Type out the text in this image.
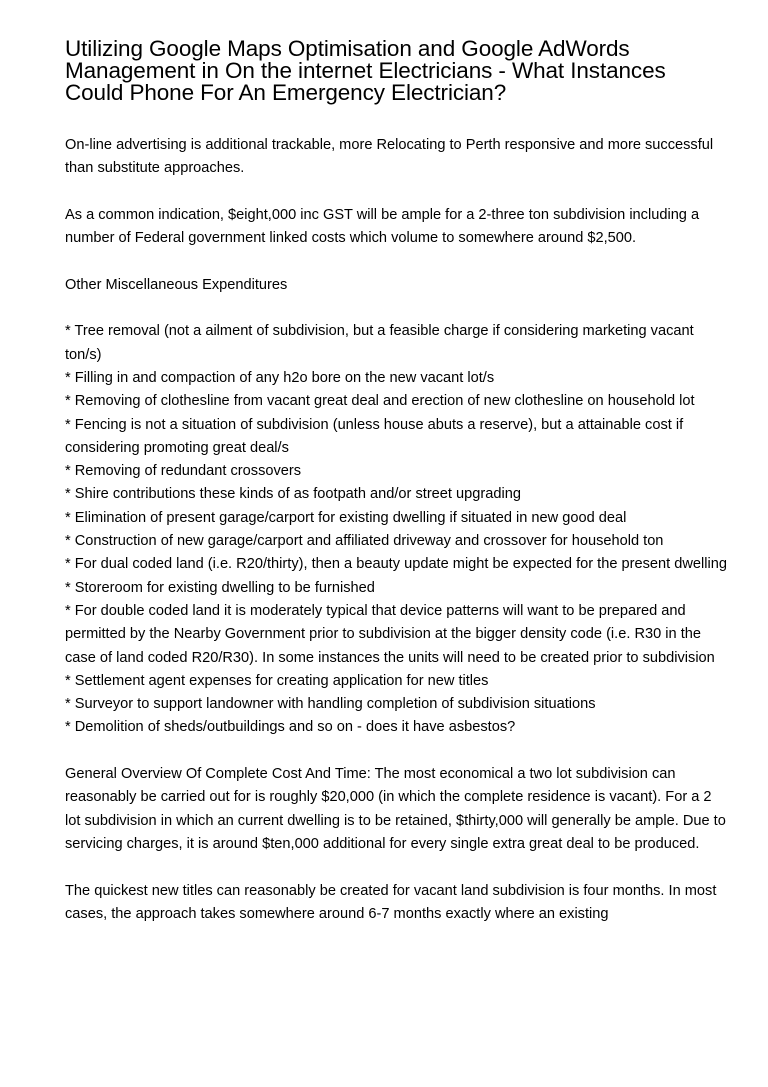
Utilizing Google Maps Optimisation and Google AdWords Management in On the internet Electricians - What Instances Could Phone For An Emergency Electrician?

On-line advertising is additional trackable, more Relocating to Perth responsive and more successful than substitute approaches.

As a common indication, $eight,000 inc GST will be ample for a 2-three ton subdivision including a number of Federal government linked costs which volume to somewhere around $2,500.

Other Miscellaneous Expenditures

* Tree removal (not a ailment of subdivision, but a feasible charge if considering marketing vacant ton/s)

* Filling in and compaction of any h2o bore on the new vacant lot/s

* Removing of clothesline from vacant great deal and erection of new clothesline on household lot

* Fencing is not a situation of subdivision (unless house abuts a reserve), but a attainable cost if considering promoting great deal/s

* Removing of redundant crossovers

* Shire contributions these kinds of as footpath and/or street upgrading

* Elimination of present garage/carport for existing dwelling if situated in new good deal

* Construction of new garage/carport and affiliated driveway and crossover for household ton

* For dual coded land (i.e. R20/thirty), then a beauty update might be expected for the present dwelling

* Storeroom for existing dwelling to be furnished

* For double coded land it is moderately typical that device patterns will want to be prepared and permitted by the Nearby Government prior to subdivision at the bigger density code (i.e. R30 in the case of land coded R20/R30). In some instances the units will need to be created prior to subdivision

* Settlement agent expenses for creating application for new titles

* Surveyor to support landowner with handling completion of subdivision situations

* Demolition of sheds/outbuildings and so on - does it have asbestos?

General Overview Of Complete Cost And Time: The most economical a two lot subdivision can reasonably be carried out for is roughly $20,000 (in which the complete residence is vacant). For a 2 lot subdivision in which an current dwelling is to be retained, $thirty,000 will generally be ample. Due to servicing charges, it is around $ten,000 additional for every single extra great deal to be produced.

The quickest new titles can reasonably be created for vacant land subdivision is four months. In most cases, the approach takes somewhere around 6-7 months exactly where an existing
